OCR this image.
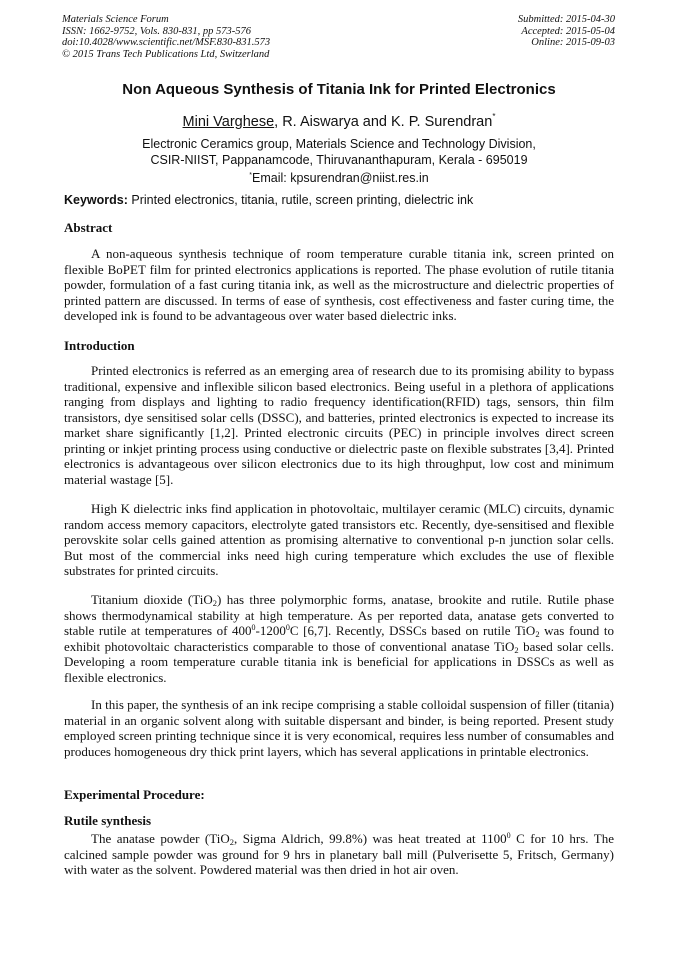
Materials Science Forum
ISSN: 1662-9752, Vols. 830-831, pp 573-576
doi:10.4028/www.scientific.net/MSF.830-831.573
© 2015 Trans Tech Publications Ltd, Switzerland
Submitted: 2015-04-30
Accepted: 2015-05-04
Online: 2015-09-03
Non Aqueous Synthesis of Titania Ink for Printed Electronics
Mini Varghese, R. Aiswarya and K. P. Surendran*
Electronic Ceramics group, Materials Science and Technology Division,
CSIR-NIIST, Pappanamcode, Thiruvananthapuram, Kerala - 695019
*Email: kpsurendran@niist.res.in
Keywords: Printed electronics, titania, rutile, screen printing, dielectric ink
Abstract
A non-aqueous synthesis technique of room temperature curable titania ink, screen printed on flexible BoPET film for printed electronics applications is reported. The phase evolution of rutile titania powder, formulation of a fast curing titania ink, as well as the microstructure and dielectric properties of printed pattern are discussed. In terms of ease of synthesis, cost effectiveness and faster curing time, the developed ink is found to be advantageous over water based dielectric inks.
Introduction
Printed electronics is referred as an emerging area of research due to its promising ability to bypass traditional, expensive and inflexible silicon based electronics. Being useful in a plethora of applications ranging from displays and lighting to radio frequency identification(RFID) tags, sensors, thin film transistors, dye sensitised solar cells (DSSC), and batteries, printed electronics is expected to increase its market share significantly [1,2]. Printed electronic circuits (PEC) in principle involves direct screen printing or inkjet printing process using conductive or dielectric paste on flexible substrates [3,4]. Printed electronics is advantageous over silicon electronics due to its high throughput, low cost and minimum material wastage [5].
High K dielectric inks find application in photovoltaic, multilayer ceramic (MLC) circuits, dynamic random access memory capacitors, electrolyte gated transistors etc. Recently, dye-sensitised and flexible perovskite solar cells gained attention as promising alternative to conventional p-n junction solar cells. But most of the commercial inks need high curing temperature which excludes the use of flexible substrates for printed circuits.
Titanium dioxide (TiO$_2$) has three polymorphic forms, anatase, brookite and rutile. Rutile phase shows thermodynamical stability at high temperature. As per reported data, anatase gets converted to stable rutile at temperatures of $400^0-1200^0C$ [6,7]. Recently, DSSCs based on rutile TiO$_2$ was found to exhibit photovoltaic characteristics comparable to those of conventional anatase TiO$_2$ based solar cells. Developing a room temperature curable titania ink is beneficial for applications in DSSCs as well as flexible electronics.
In this paper, the synthesis of an ink recipe comprising a stable colloidal suspension of filler (titania) material in an organic solvent along with suitable dispersant and binder, is being reported. Present study employed screen printing technique since it is very economical, requires less number of consumables and produces homogeneous dry thick print layers, which has several applications in printable electronics.
Experimental Procedure:
Rutile synthesis
The anatase powder (TiO$_2$, Sigma Aldrich, 99.8%) was heat treated at 1100$^0$ C for 10 hrs. The calcined sample powder was ground for 9 hrs in planetary ball mill (Pulverisette 5, Fritsch, Germany) with water as the solvent. Powdered material was then dried in hot air oven.
